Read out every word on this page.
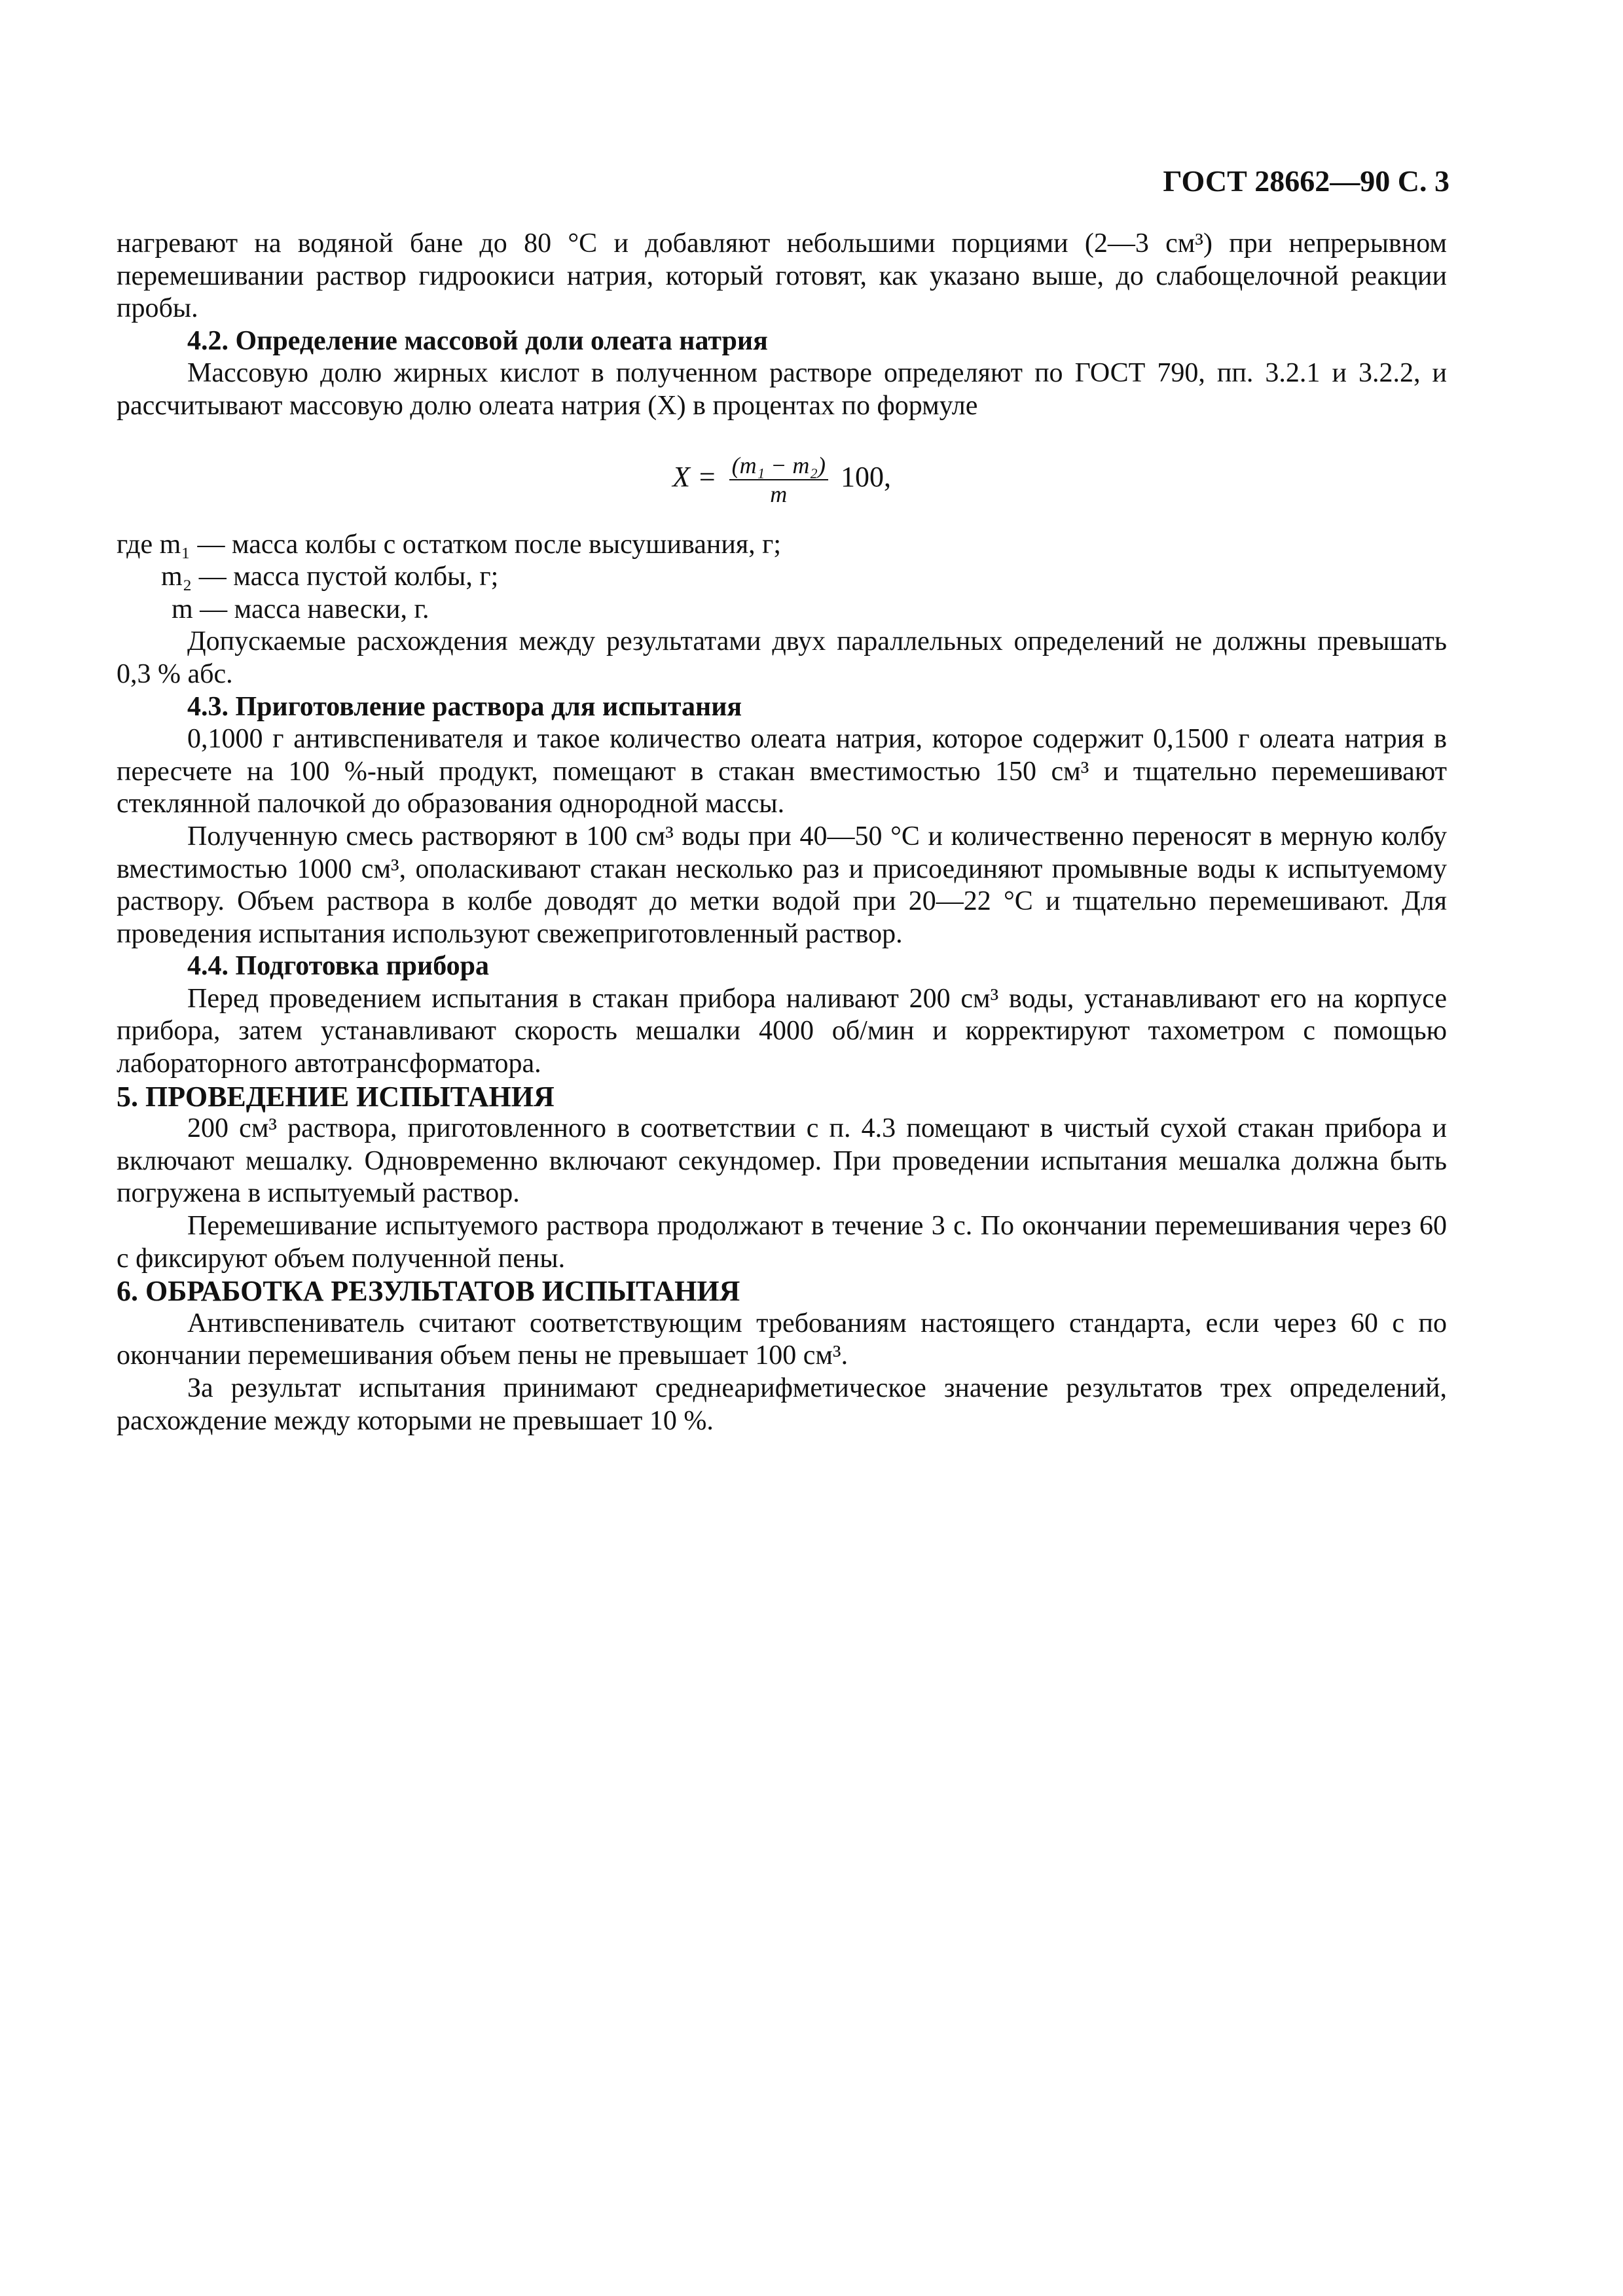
ГОСТ 28662—90 С. 3

нагревают на водяной бане до 80 °С и добавляют небольшими порциями (2—3 см³) при непрерывном перемешивании раствор гидроокиси натрия, который готовят, как указано выше, до слабощелочной реакции пробы.

4.2. Определение массовой доли олеата натрия

Массовую долю жирных кислот в полученном растворе определяют по ГОСТ 790, пп. 3.2.1 и 3.2.2, и рассчитывают массовую долю олеата натрия (X) в процентах по формуле

$X = \frac{\text{(m₁ − m₂)}}{m} 100$,
где m₁ — масса колбы с остатком после высушивания, г;
m₂ — масса пустой колбы, г;
m — масса навески, г.

Допускаемые расхождения между результатами двух параллельных определений не должны превышать 0,3 % абс.

4.3. Приготовление раствора для испытания

0,1000 г антивспенивателя и такое количество олеата натрия, которое содержит 0,1500 г олеата натрия в пересчете на 100 %-ный продукт, помещают в стакан вместимостью 150 см³ и тщательно перемешивают стеклянной палочкой до образования однородной массы.

Полученную смесь растворяют в 100 см³ воды при 40—50 °С и количественно переносят в мерную колбу вместимостью 1000 см³, ополаскивают стакан несколько раз и присоединяют промывные воды к испытуемому раствору. Объем раствора в колбе доводят до метки водой при 20—22 °С и тщательно перемешивают. Для проведения испытания используют свежеприготовленный раствор.

4.4. Подготовка прибора

Перед проведением испытания в стакан прибора наливают 200 см³ воды, устанавливают его на корпусе прибора, затем устанавливают скорость мешалки 4000 об/мин и корректируют тахометром с помощью лабораторного автотрансформатора.

5. ПРОВЕДЕНИЕ ИСПЫТАНИЯ

200 см³ раствора, приготовленного в соответствии с п. 4.3 помещают в чистый сухой стакан прибора и включают мешалку. Одновременно включают секундомер. При проведении испытания мешалка должна быть погружена в испытуемый раствор.

Перемешивание испытуемого раствора продолжают в течение 3 с. По окончании перемешивания через 60 с фиксируют объем полученной пены.

6. ОБРАБОТКА РЕЗУЛЬТАТОВ ИСПЫТАНИЯ

Антивспениватель считают соответствующим требованиям настоящего стандарта, если через 60 с по окончании перемешивания объем пены не превышает 100 см³.

За результат испытания принимают среднеарифметическое значение результатов трех определений, расхождение между которыми не превышает 10 %.
